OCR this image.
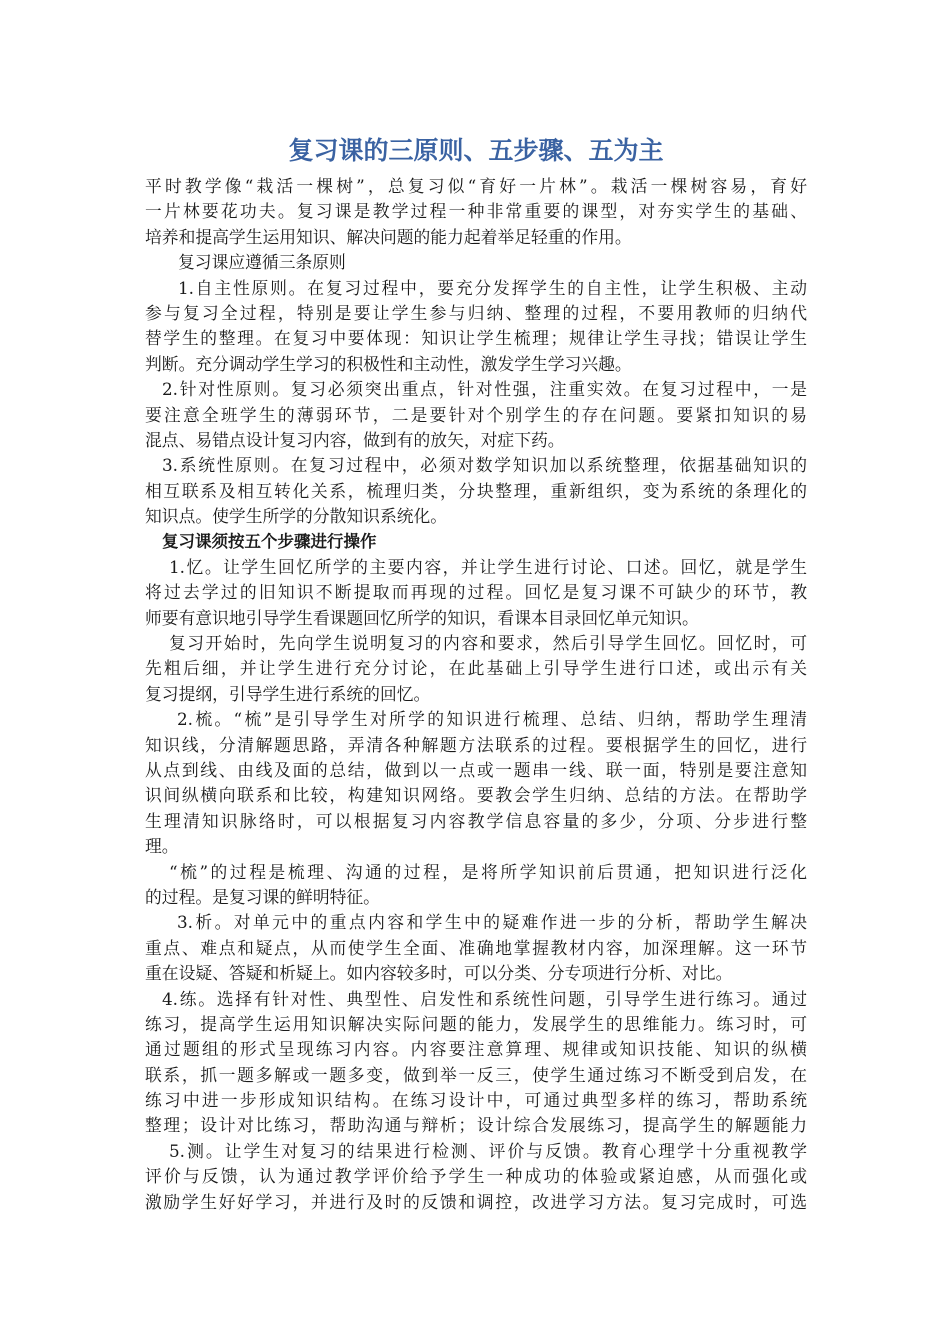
复习课的三原则、五步骤、五为主
平时教学像“栽活一棵树”，总复习似“育好一片林”。栽活一棵树容易，育好
一片林要花功夫。复习课是教学过程一种非常重要的课型，对夯实学生的基础、
培养和提高学生运用知识、解决问题的能力起着举足轻重的作用。
复习课应遵循三条原则
1.自主性原则。在复习过程中，要充分发挥学生的自主性，让学生积极、主动
参与复习全过程，特别是要让学生参与归纳、整理的过程，不要用教师的归纳代
替学生的整理。在复习中要体现：知识让学生梳理；规律让学生寻找；错误让学生
判断。充分调动学生学习的积极性和主动性，激发学生学习兴趣。
2.针对性原则。复习必须突出重点，针对性强，注重实效。在复习过程中，一是
要注意全班学生的薄弱环节，二是要针对个别学生的存在问题。要紧扣知识的易
混点、易错点设计复习内容，做到有的放矢，对症下药。
3.系统性原则。在复习过程中，必须对数学知识加以系统整理，依据基础知识的
相互联系及相互转化关系，梳理归类，分块整理，重新组织，变为系统的条理化的
知识点。使学生所学的分散知识系统化。
复习课须按五个步骤进行操作
1.忆。让学生回忆所学的主要内容，并让学生进行讨论、口述。回忆，就是学生
将过去学过的旧知识不断提取而再现的过程。回忆是复习课不可缺少的环节，教
师要有意识地引导学生看课题回忆所学的知识，看课本目录回忆单元知识。
复习开始时，先向学生说明复习的内容和要求，然后引导学生回忆。回忆时，可
先粗后细，并让学生进行充分讨论，在此基础上引导学生进行口述，或出示有关
复习提纲，引导学生进行系统的回忆。
2.梳。“梳”是引导学生对所学的知识进行梳理、总结、归纳，帮助学生理清
知识线，分清解题思路，弄清各种解题方法联系的过程。要根据学生的回忆，进行
从点到线、由线及面的总结，做到以一点或一题串一线、联一面，特别是要注意知
识间纵横向联系和比较，构建知识网络。要教会学生归纳、总结的方法。在帮助学
生理清知识脉络时，可以根据复习内容教学信息容量的多少，分项、分步进行整
理。
“梳”的过程是梳理、沟通的过程，是将所学知识前后贯通，把知识进行泛化
的过程。是复习课的鲜明特征。
3.析。对单元中的重点内容和学生中的疑难作进一步的分析，帮助学生解决
重点、难点和疑点，从而使学生全面、准确地掌握教材内容，加深理解。这一环节
重在设疑、答疑和析疑上。如内容较多时，可以分类、分专项进行分析、对比。
4.练。选择有针对性、典型性、启发性和系统性问题，引导学生进行练习。通过
练习，提高学生运用知识解决实际问题的能力，发展学生的思维能力。练习时，可
通过题组的形式呈现练习内容。内容要注意算理、规律或知识技能、知识的纵横
联系，抓一题多解或一题多变，做到举一反三，使学生通过练习不断受到启发，在
练习中进一步形成知识结构。在练习设计中，可通过典型多样的练习，帮助系统
整理；设计对比练习，帮助沟通与辩析；设计综合发展练习，提高学生的解题能力
5.测。让学生对复习的结果进行检测、评价与反馈。教育心理学十分重视教学
评价与反馈，认为通过教学评价给予学生一种成功的体验或紧迫感，从而强化或
激励学生好好学习，并进行及时的反馈和调控，改进学习方法。复习完成时，可选
